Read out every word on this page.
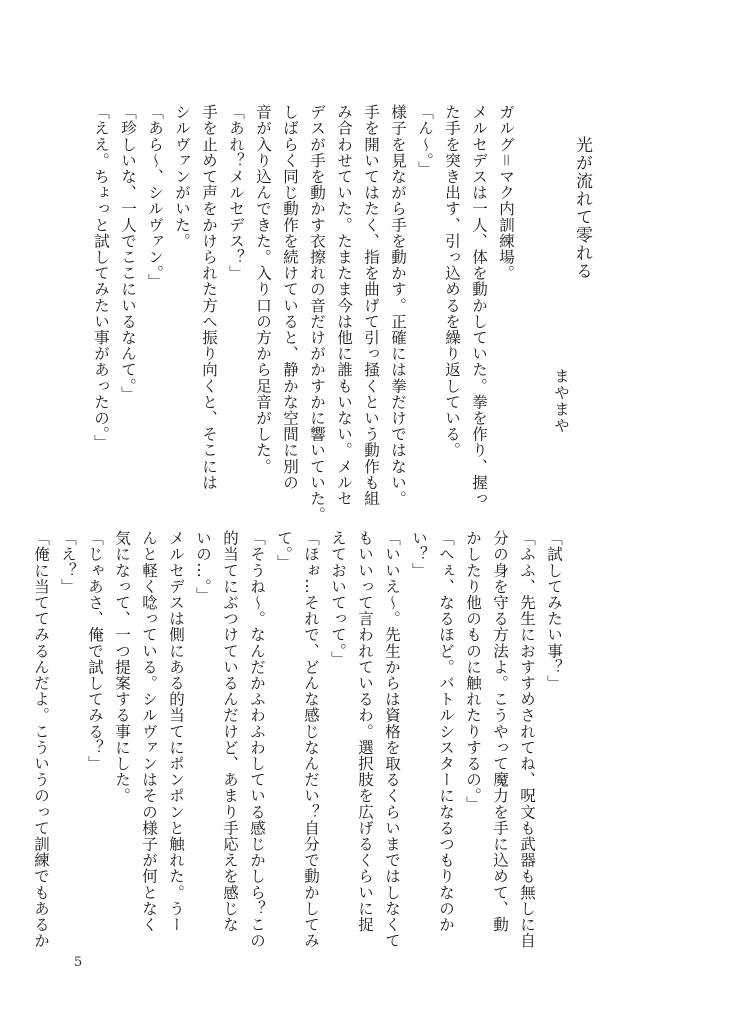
光が流れて零れる
まやまや
ガルグ＝マク内訓練場。
メルセデスは一人、体を動かしていた。拳を作り、握っ
た手を突き出す、引っ込めるを繰り返している。
「ん～。」
様子を見ながら手を動かす。正確には拳だけではない。
手を開いてはたく、指を曲げて引っ掻くという動作も組
み合わせていた。たまたま今は他に誰もいない。メルセ
デスが手を動かす衣擦れの音だけがかすかに響いていた。
しばらく同じ動作を続けていると、静かな空間に別の
音が入り込んできた。入り口の方から足音がした。
「あれ？メルセデス？」
手を止めて声をかけられた方へ振り向くと、そこには
シルヴァンがいた。
「あら～、シルヴァン。」
「珍しいな、一人でここにいるなんて。」
「ええ。ちょっと試してみたい事があったの。」
「試してみたい事？」
「ふふ、先生におすすめされてね、呪文も武器も無しに自
分の身を守る方法よ。こうやって魔力を手に込めて、動
かしたり他のものに触れたりするの。」
「へぇ、なるほど。バトルシスターになるつもりなのか
い？」
「いいえ～。先生からは資格を取るくらいまではしなくて
もいいって言われているわ。選択肢を広げるくらいに捉
えておいてって。」
「ほぉ…それで、どんな感じなんだい？自分で動かしてみ
て。」
「そうね～。なんだかふわふわしている感じかしら？この
的当てにぶつけているんだけど、あまり手応えを感じな
いの…。」
メルセデスは側にある的当てにポンポンと触れた。うー
んと軽く唸っている。シルヴァンはその様子が何となく
気になって、一つ提案する事にした。
「じゃあさ、俺で試してみる？」
「え？」
「俺に当ててみるんだよ。こういうのって訓練でもあるか
5
